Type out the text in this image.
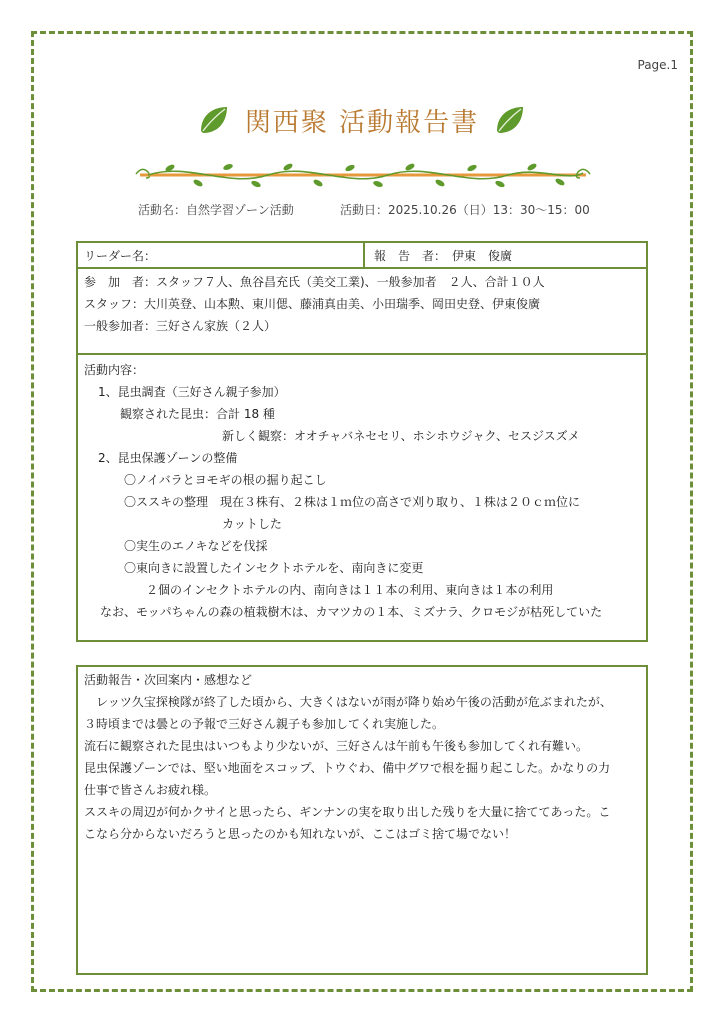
Page.1
関西聚 活動報告書
活動名：自然学習ゾーン活動	活動日：2025.10.26（日）13：30〜15：00
リーダー名：	報　告　者：　伊東　俊廣
参　加　者：スタッフ７人、魚谷昌充氏（美交工業)、一般参加者　２人、合計１０人
スタッフ：大川英登、山本勲、東川偲、藤浦真由美、小田瑞季、岡田史登、伊東俊廣
一般参加者：三好さん家族（２人）
活動内容：
1、昆虫調査（三好さん親子参加）
観察された昆虫：合計 18 種
新しく観察：オオチャバネセセリ、ホシホウジャク、セスジスズメ
2、昆虫保護ゾーンの整備
〇ノイバラとヨモギの根の掘り起こし
〇ススキの整理　現在３株有、２株は１ｍ位の高さで刈り取り、１株は２０ｃｍ位に
カットした
〇実生のエノキなどを伐採
〇東向きに設置したインセクトホテルを、南向きに変更
２個のインセクトホテルの内、南向きは１１本の利用、東向きは１本の利用
なお、モッパちゃんの森の植栽樹木は、カマツカの１本、ミズナラ、クロモジが枯死していた
活動報告・次回案内・感想など
　レッツ久宝探検隊が終了した頃から、大きくはないが雨が降り始め午後の活動が危ぶまれたが、
３時頃までは曇との予報で三好さん親子も参加してくれ実施した。
流石に観察された昆虫はいつもより少ないが、三好さんは午前も午後も参加してくれ有難い。
昆虫保護ゾーンでは、堅い地面をスコップ、トウぐわ、備中グワで根を掘り起こした。かなりの力
仕事で皆さんお疲れ様。
ススキの周辺が何かクサイと思ったら、ギンナンの実を取り出した残りを大量に捨ててあった。こ
こなら分からないだろうと思ったのかも知れないが、ここはゴミ捨て場でない！
